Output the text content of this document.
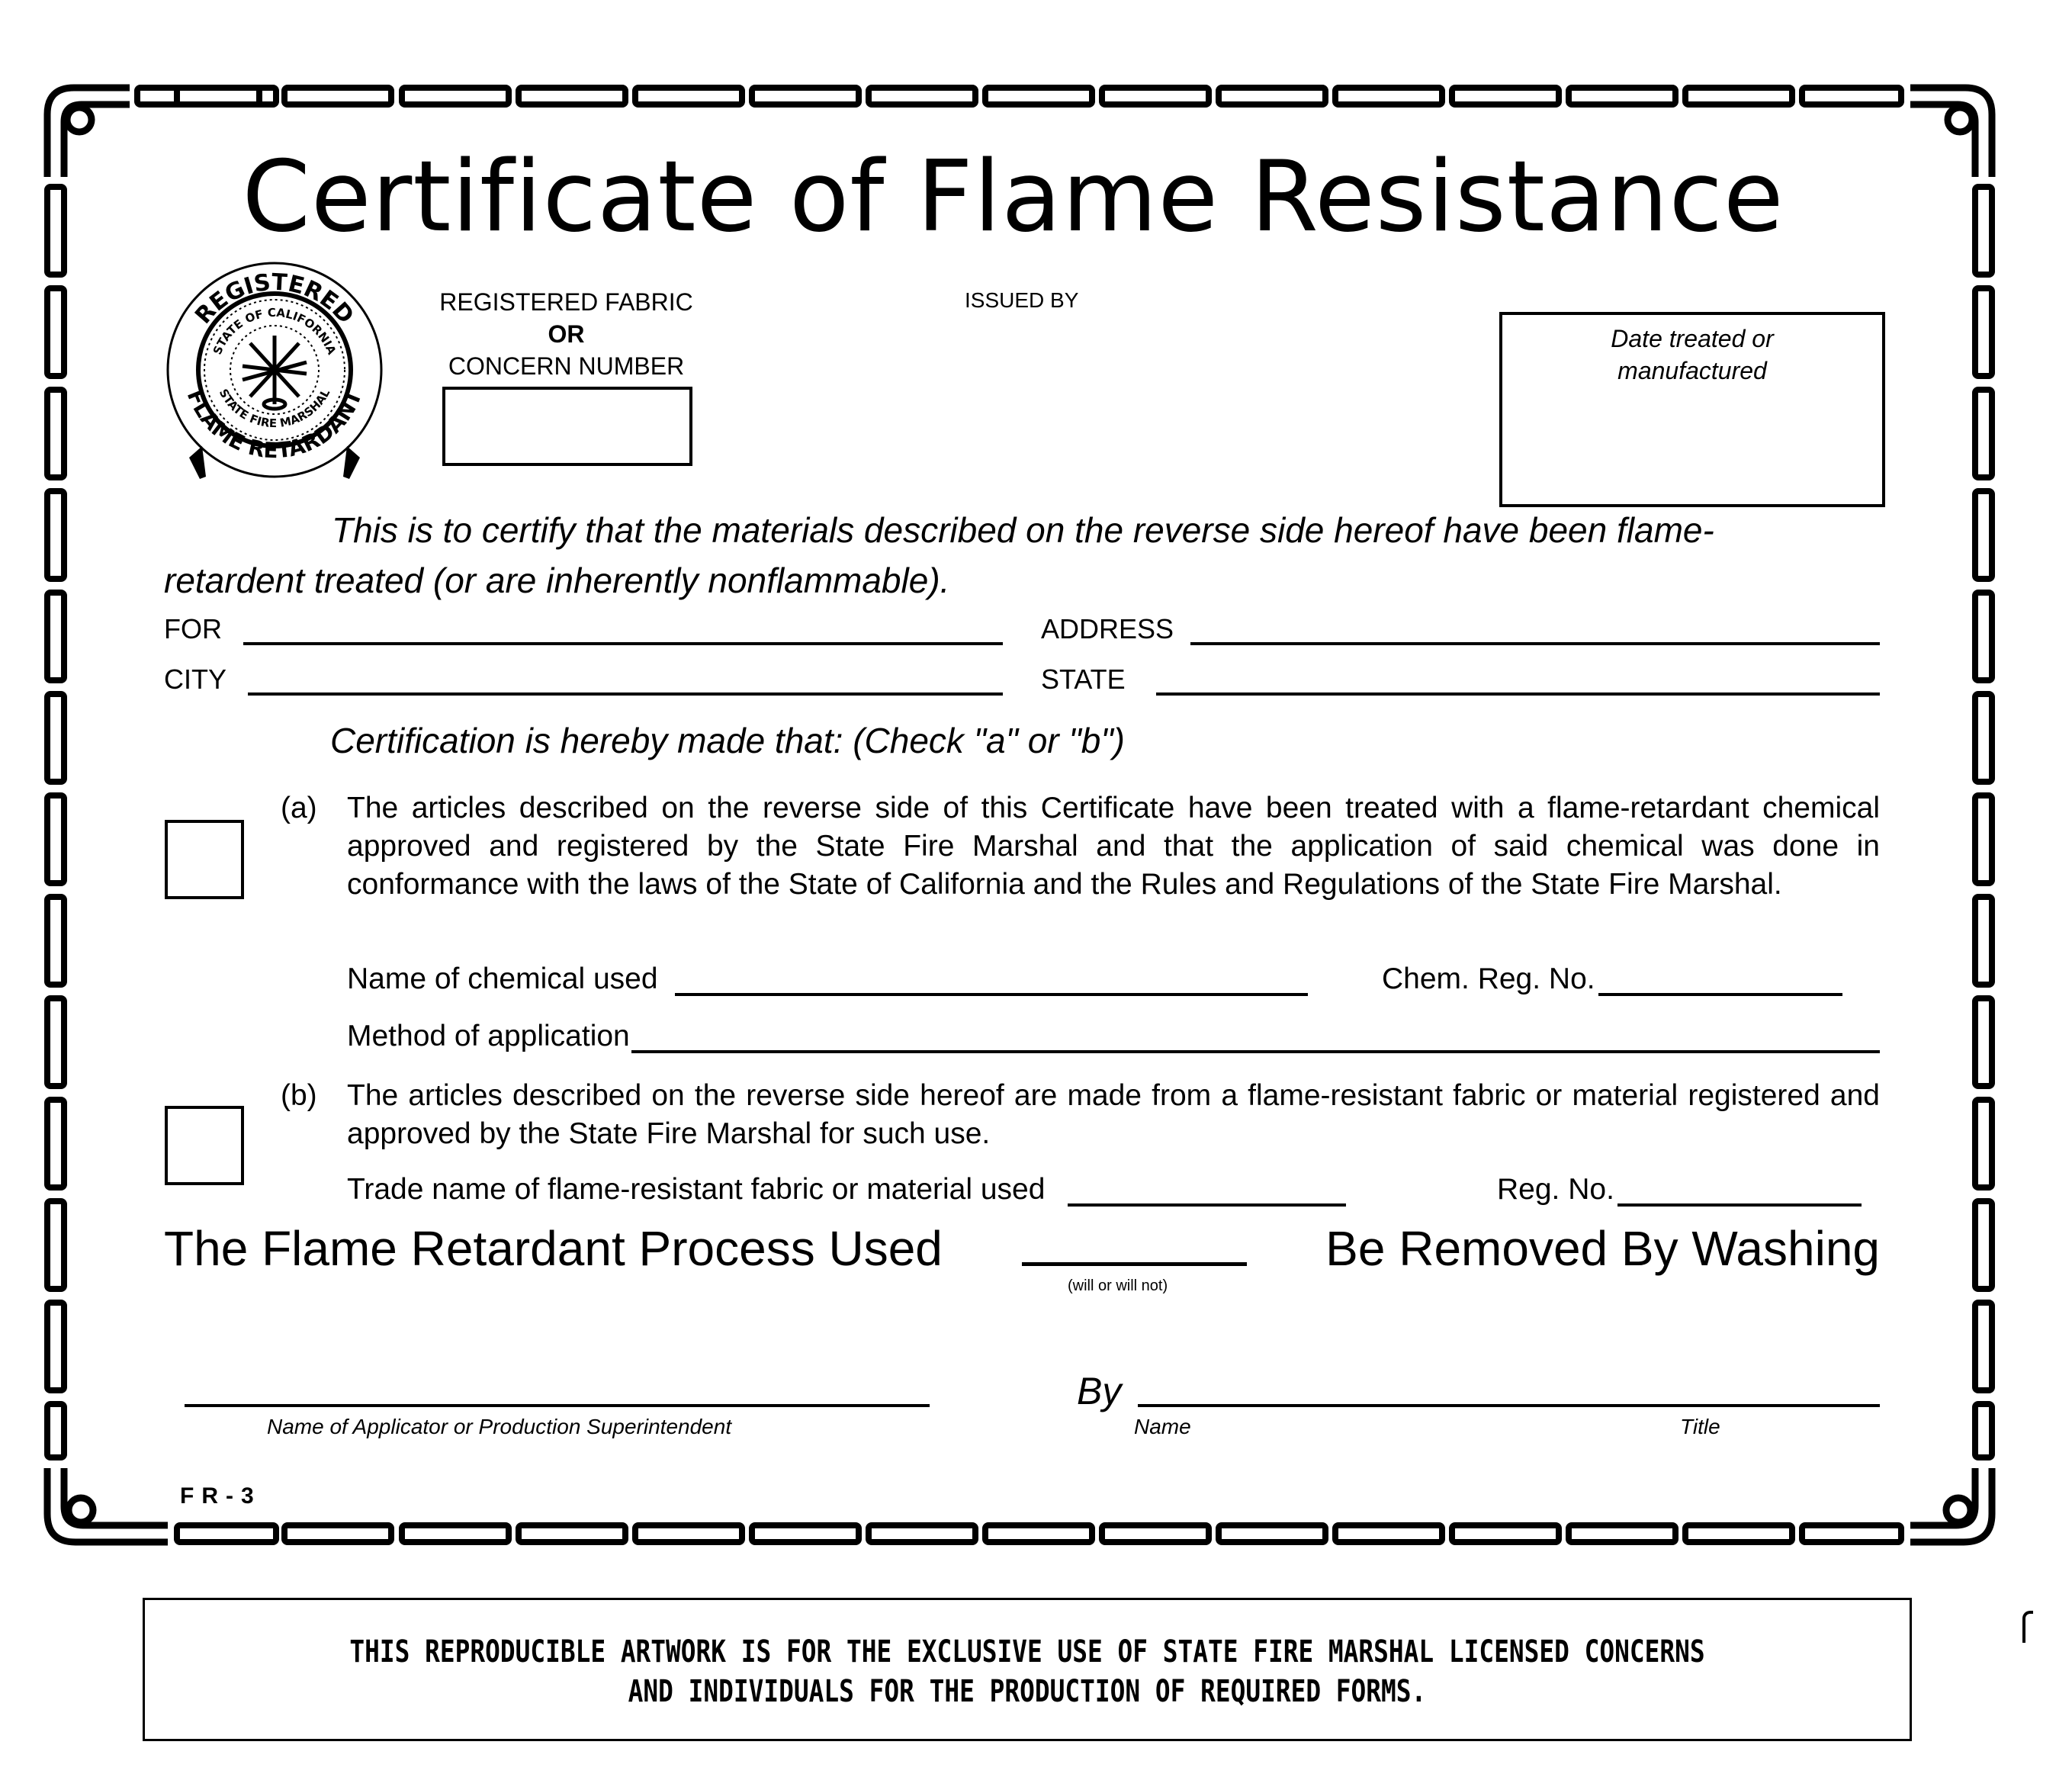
Certificate of Flame Resistance
REGISTERED
FLAME RETARDANT
STATE OF CALIFORNIA
STATE FIRE MARSHAL
REGISTERED FABRIC
OR
CONCERN NUMBER
ISSUED BY
Date treated or
manufactured
This is to certify that the materials described on the reverse side hereof have been flame-
retardent treated (or are inherently nonflammable).
FOR	ADDRESS
CITY	STATE
Certification is hereby made that: (Check "a" or "b")
(a) The articles described on the reverse side of this Certificate have been treated with a flame-retardant chemical approved and registered by the State Fire Marshal and that the application of said chemical was done in conformance with the laws of the State of California and the Rules and Regulations of the State Fire Marshal.
Name of chemical used	Chem. Reg. No.
Method of application
(b) The articles described on the reverse side hereof are made from a flame-resistant fabric or material registered and approved by the State Fire Marshal for such use.
Trade name of flame-resistant fabric or material used	Reg. No.
The Flame Retardant Process Used	Be Removed By Washing
(will or will not)
Name of Applicator or Production Superintendent
By
Name	Title
FR-3
THIS REPRODUCIBLE ARTWORK IS FOR THE EXCLUSIVE USE OF STATE FIRE MARSHAL LICENSED CONCERNS
AND INDIVIDUALS FOR THE PRODUCTION OF REQUIRED FORMS.
